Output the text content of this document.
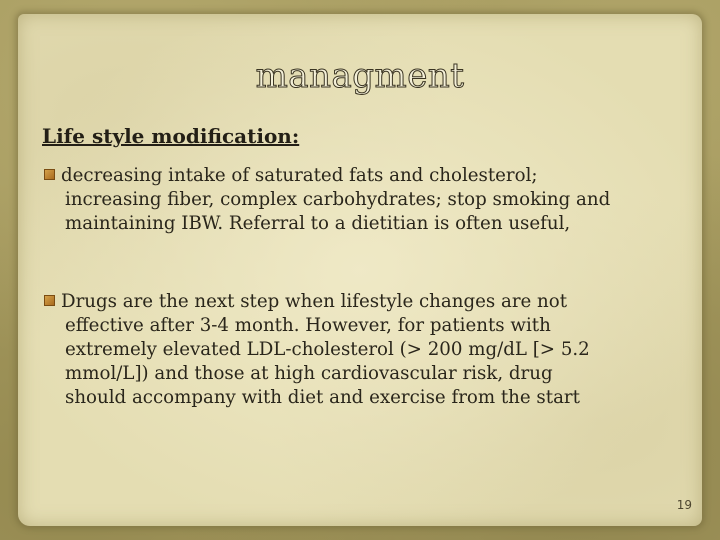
managment
Life style modification:
decreasing intake of saturated fats and cholesterol;
increasing fiber, complex carbohydrates; stop smoking and
maintaining IBW. Referral to a dietitian is often useful,
Drugs are the next step when lifestyle changes are not
effective after 3-4 month. However, for patients with
extremely elevated LDL-cholesterol (> 200 mg/dL [> 5.2
mmol/L]) and those at high cardiovascular risk, drug
should accompany with diet and exercise from the start
19
